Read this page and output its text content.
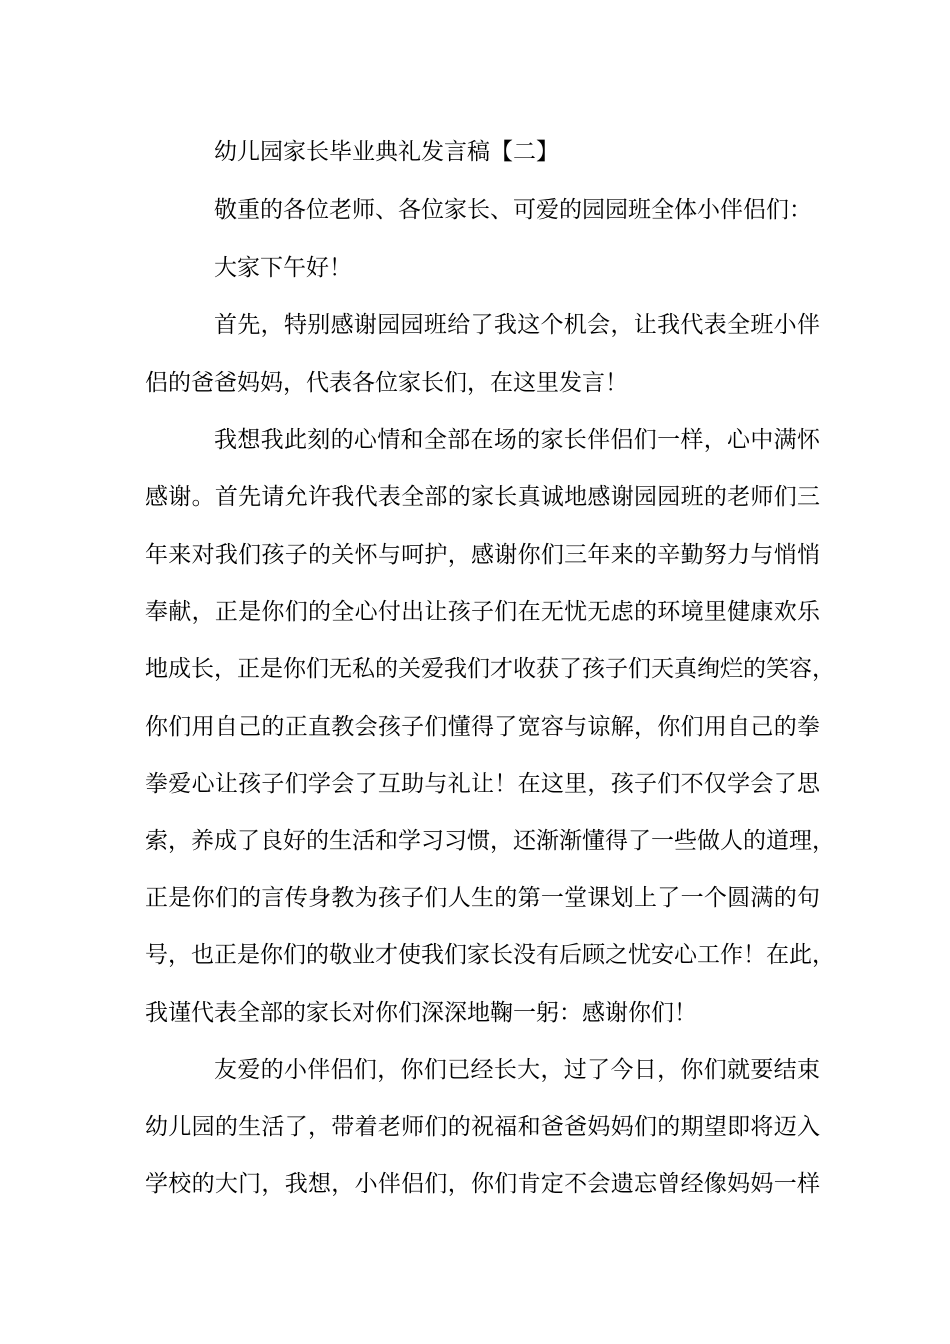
幼儿园家长毕业典礼发言稿【二】
敬重的各位老师、各位家长、可爱的园园班全体小伴侣们：
大家下午好！
首先，特别感谢园园班给了我这个机会，让我代表全班小伴
侣的爸爸妈妈，代表各位家长们，在这里发言！
我想我此刻的心情和全部在场的家长伴侣们一样，心中满怀
感谢。首先请允许我代表全部的家长真诚地感谢园园班的老师们三
年来对我们孩子的关怀与呵护，感谢你们三年来的辛勤努力与悄悄
奉献，正是你们的全心付出让孩子们在无忧无虑的环境里健康欢乐
地成长，正是你们无私的关爱我们才收获了孩子们天真绚烂的笑容，
你们用自己的正直教会孩子们懂得了宽容与谅解，你们用自己的拳
拳爱心让孩子们学会了互助与礼让！在这里，孩子们不仅学会了思
索，养成了良好的生活和学习习惯，还渐渐懂得了一些做人的道理，
正是你们的言传身教为孩子们人生的第一堂课划上了一个圆满的句
号，也正是你们的敬业才使我们家长没有后顾之忧安心工作！在此，
我谨代表全部的家长对你们深深地鞠一躬：感谢你们！
友爱的小伴侣们，你们已经长大，过了今日，你们就要结束
幼儿园的生活了，带着老师们的祝福和爸爸妈妈们的期望即将迈入
学校的大门，我想，小伴侣们，你们肯定不会遗忘曾经像妈妈一样
